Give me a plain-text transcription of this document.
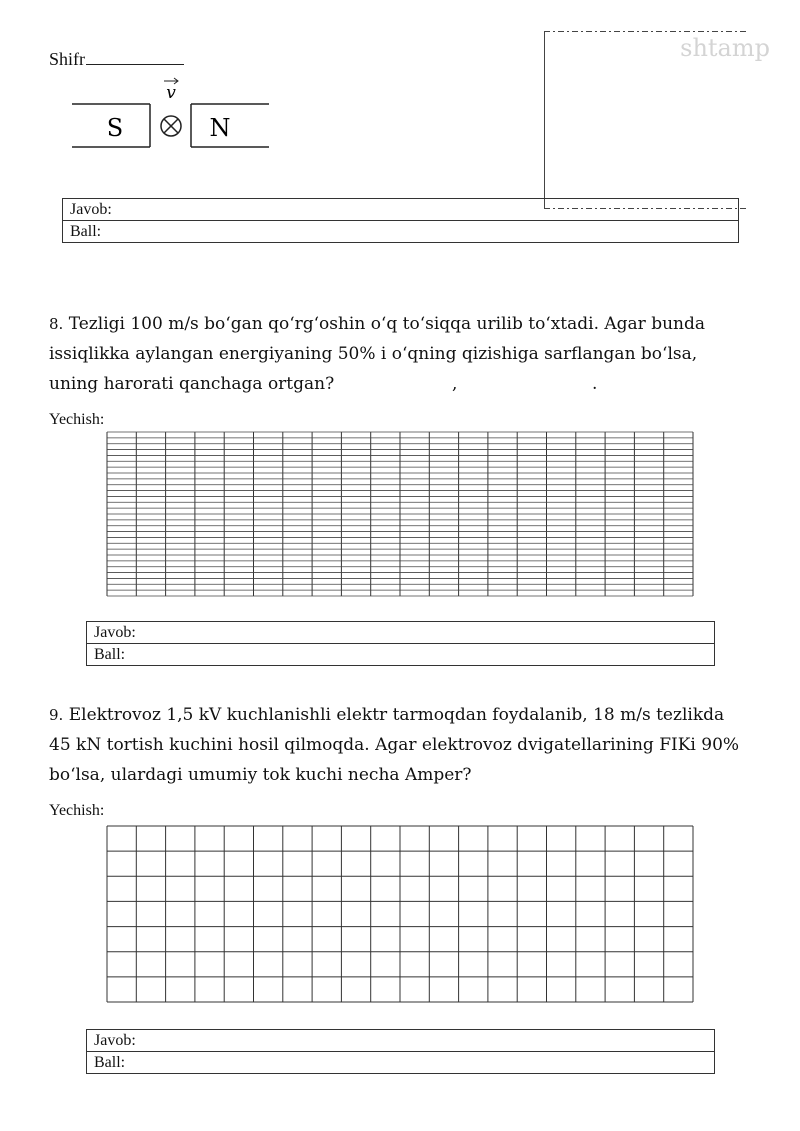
Shifr	shtamp
S	N
v
Javob:
Ball:
8. Tezligi 100 m/s bo‘gan qo‘rg‘oshin o‘q to‘siqqa urilib to‘xtadi. Agar bunda
issiqlikka aylangan energiyaning 50% i o‘qning qizishiga sarflangan bo‘lsa,
uning harorati qanchaga ortgan?	,	.
Yechish:
Javob:
Ball:
9. Elektrovoz 1,5 kV kuchlanishli elektr tarmoqdan foydalanib, 18 m/s tezlikda
45 kN tortish kuchini hosil qilmoqda. Agar elektrovoz dvigatellarining FIKi 90%
bo‘lsa, ulardagi umumiy tok kuchi necha Amper?
Yechish:
Javob:
Ball:
